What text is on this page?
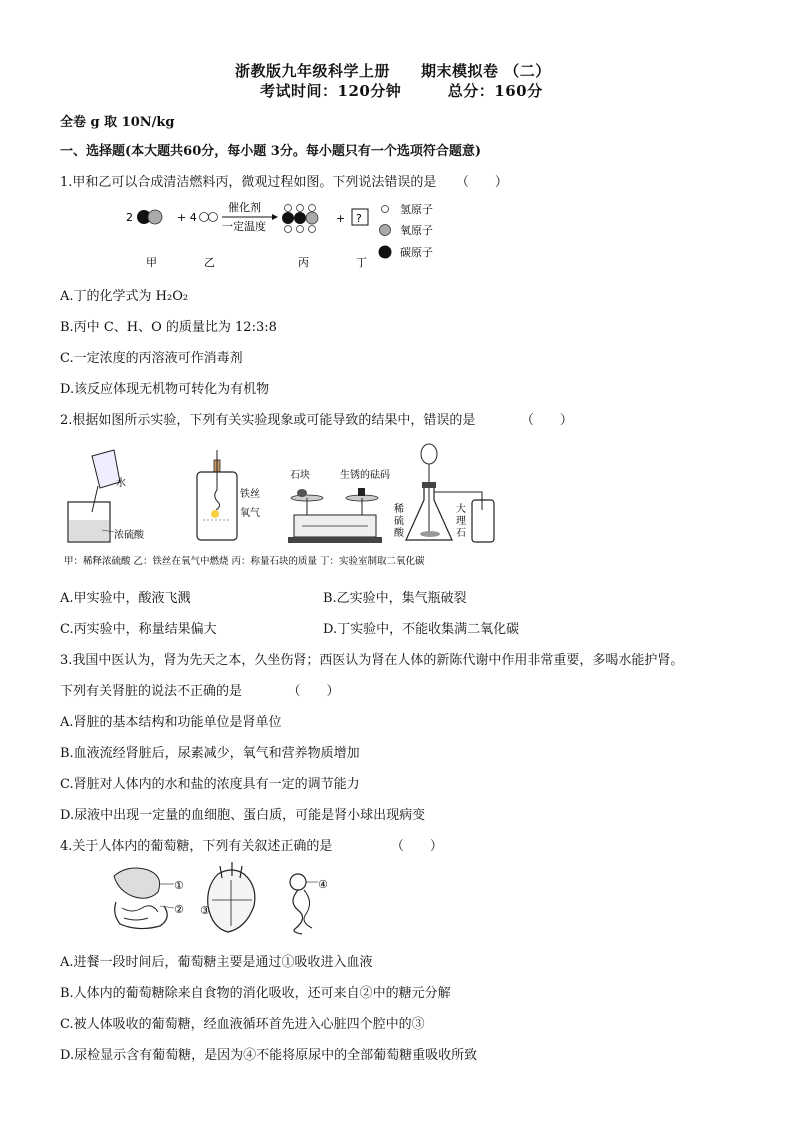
浙教版九年级科学上册　　期末模拟卷 （二）
考试时间：120分钟　　　总分：160分
全卷 g 取 10N/kg
一、选择题(本大题共60分，每小题 3分。每小题只有一个选项符合题意)
1.甲和乙可以合成清洁燃料丙，微观过程如图。下列说法错误的是　　（　　）
2	+ 4
催化剂
一定温度
+ ?
氢原子
氧原子
碳原子
甲	乙	丙	丁
A.丁的化学式为 H₂O₂
B.丙中 C、H、O 的质量比为 12:3:8
C.一定浓度的丙溶液可作消毒剂
D.该反应体现无机物可转化为有机物
2.根据如图所示实验，下列有关实验现象或可能导致的结果中，错误的是　　　　（　　）
水
浓硫酸
铁丝
氧气
石块	生锈的砝码
稀
硫
酸
大
理
石
甲：稀释浓硫酸 乙：铁丝在氧气中燃烧 丙：称量石块的质量 丁：实验室制取二氧化碳
A.甲实验中，酸液飞溅	B.乙实验中，集气瓶破裂
C.丙实验中，称量结果偏大	D.丁实验中，不能收集满二氧化碳
3.我国中医认为，肾为先天之本，久坐伤肾；西医认为肾在人体的新陈代谢中作用非常重要，多喝水能护肾。
下列有关肾脏的说法不正确的是　　　　（　　）
A.肾脏的基本结构和功能单位是肾单位
B.血液流经肾脏后，尿素减少，氧气和营养物质增加
C.肾脏对人体内的水和盐的浓度具有一定的调节能力
D.尿液中出现一定量的血细胞、蛋白质，可能是肾小球出现病变
4.关于人体内的葡萄糖，下列有关叙述正确的是　　　　　（　　）
①
② ③
④
A.进餐一段时间后，葡萄糖主要是通过①吸收进入血液
B.人体内的葡萄糖除来自食物的消化吸收，还可来自②中的糖元分解
C.被人体吸收的葡萄糖，经血液循环首先进入心脏四个腔中的③
D.尿检显示含有葡萄糖，是因为④不能将原尿中的全部葡萄糖重吸收所致
